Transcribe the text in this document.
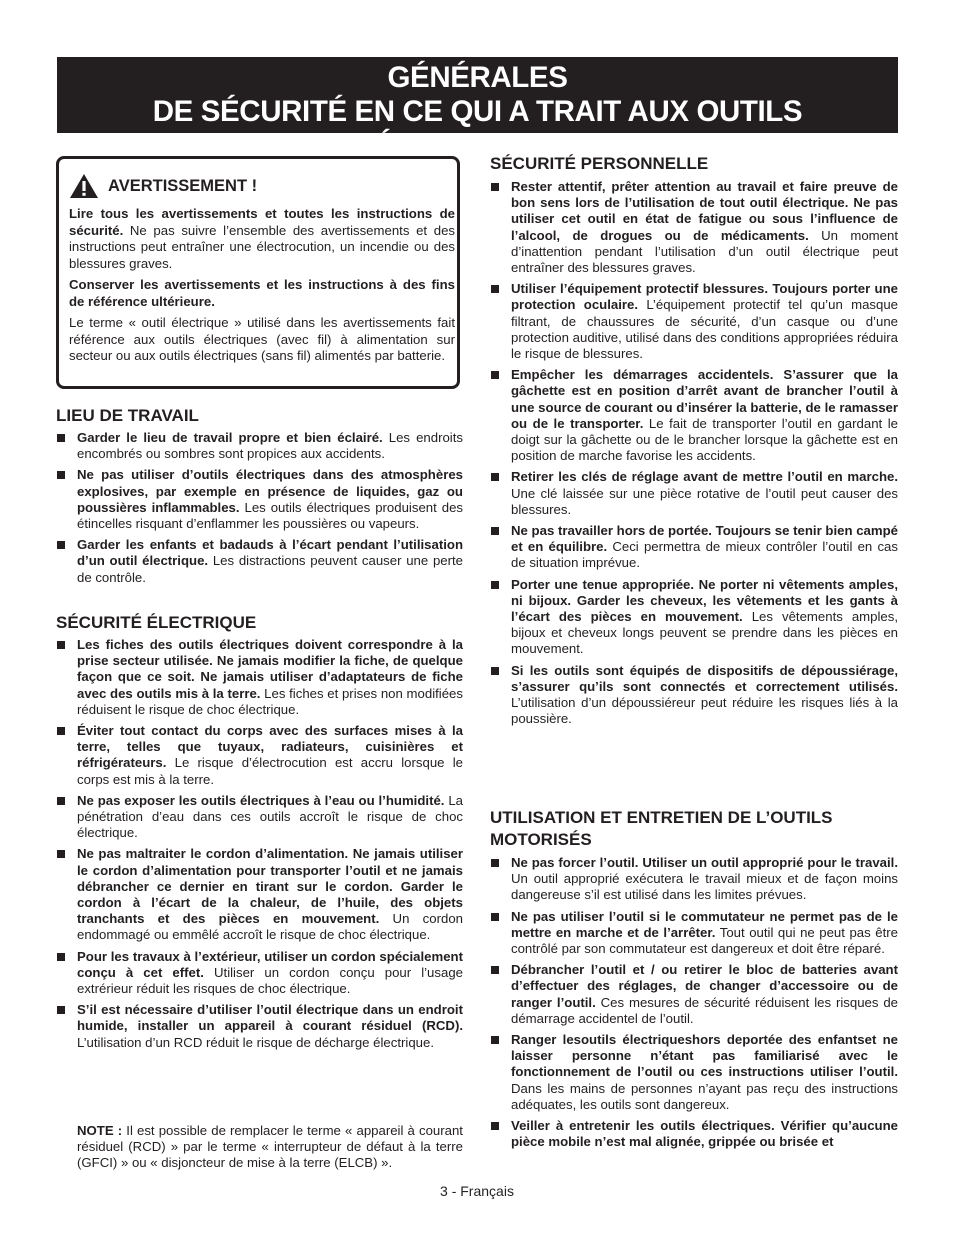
AVERTISSEMENTS GÉNÉRAUX ET INSTRUCTIONS GÉNÉRALES
DE SÉCURITÉ EN CE QUI A TRAIT AUX OUTILS ÉLECTRIQUES
AVERTISSEMENT !

Lire tous les avertissements et toutes les instructions de sécurité. Ne pas suivre l’ensemble des avertissements et des instructions peut entraîner une électrocution, un incendie ou des blessures graves.

Conserver les avertissements et les instructions à des fins de référence ultérieure.

Le terme « outil électrique » utilisé dans les avertissements fait référence aux outils électriques (avec fil) à alimentation sur secteur ou aux outils électriques (sans fil) alimentés par batterie.

LIEU DE TRAVAIL
Garder le lieu de travail propre et bien éclairé. Les endroits encombrés ou sombres sont propices aux accidents.
Ne pas utiliser d’outils électriques dans des atmosphères explosives, par exemple en présence de liquides, gaz ou poussières inflammables. Les outils électriques produisent des étincelles risquant d’enflammer les poussières ou vapeurs.
Garder les enfants et badauds à l’écart pendant l’utilisation d’un outil électrique. Les distractions peuvent causer une perte de contrôle.
SÉCURITÉ ÉLECTRIQUE
Les fiches des outils électriques doivent correspondre à la prise secteur utilisée. Ne jamais modifier la fiche, de quelque façon que ce soit. Ne jamais utiliser d’adaptateurs de fiche avec des outils mis à la terre. Les fiches et prises non modifiées réduisent le risque de choc électrique.
Éviter tout contact du corps avec des surfaces mises à la terre, telles que tuyaux, radiateurs, cuisinières et réfrigérateurs. Le risque d’électrocution est accru lorsque le corps est mis à la terre.
Ne pas exposer les outils électriques à l’eau ou l’humidité. La pénétration d’eau dans ces outils accroît le risque de choc électrique.
Ne pas maltraiter le cordon d’alimentation. Ne jamais utiliser le cordon d’alimentation pour transporter l’outil et ne jamais débrancher ce dernier en tirant sur le cordon. Garder le cordon à l’écart de la chaleur, de l’huile, des objets tranchants et des pièces en mouvement. Un cordon endommagé ou emmêlé accroît le risque de choc électrique.
Pour les travaux à l’extérieur, utiliser un cordon spécialement conçu à cet effet. Utiliser un cordon conçu pour l’usage extrérieur réduit les risques de choc électrique.
S’il est nécessaire d’utiliser l’outil électrique dans un endroit humide, installer un appareil à courant résiduel (RCD). L’utilisation d’un RCD réduit le risque de décharge électrique.
NOTE : Il est possible de remplacer le terme « appareil à courant résiduel (RCD) » par le terme « interrupteur de défaut à la terre (GFCI) » ou « disjoncteur de mise à la terre (ELCB) ».
SÉCURITÉ PERSONNELLE
Rester attentif, prêter attention au travail et faire preuve de bon sens lors de l’utilisation de tout outil électrique. Ne pas utiliser cet outil en état de fatigue ou sous l’influence de l’alcool, de drogues ou de médicaments. Un moment d’inattention pendant l’utilisation d’un outil électrique peut entraîner des blessures graves.
Utiliser l’équipement protectif blessures. Toujours porter une protection oculaire. L’équipement protectif tel qu’un masque filtrant, de chaussures de sécurité, d’un casque ou d’une protection auditive, utilisé dans des conditions appropriées réduira le risque de blessures.
Empêcher les démarrages accidentels. S’assurer que la gâchette est en position d’arrêt avant de brancher l’outil à une source de courant ou d’insérer la batterie, de le ramasser ou de le transporter. Le fait de transporter l’outil en gardant le doigt sur la gâchette ou de le brancher lorsque la gâchette est en position de marche favorise les accidents.
Retirer les clés de réglage avant de mettre l’outil en marche. Une clé laissée sur une pièce rotative de l’outil peut causer des blessures.
Ne pas travailler hors de portée. Toujours se tenir bien campé et en équilibre. Ceci permettra de mieux contrôler l’outil en cas de situation imprévue.
Porter une tenue appropriée. Ne porter ni vêtements amples, ni bijoux. Garder les cheveux, les vêtements et les gants à l’écart des pièces en mouvement. Les vêtements amples, bijoux et cheveux longs peuvent se prendre dans les pièces en mouvement.
Si les outils sont équipés de dispositifs de dépoussiérage, s’assurer qu’ils sont connectés et correctement utilisés. L’utilisation d’un dépoussiéreur peut réduire les risques liés à la poussière.
UTILISATION ET ENTRETIEN DE L’OUTILS MOTORISÉS
Ne pas forcer l’outil. Utiliser un outil approprié pour le travail. Un outil approprié exécutera le travail mieux et de façon moins dangereuse s’il est utilisé dans les limites prévues.
Ne pas utiliser l’outil si le commutateur ne permet pas de le mettre en marche et de l’arrêter. Tout outil qui ne peut pas être contrôlé par son commutateur est dangereux et doit être réparé.
Débrancher l’outil et / ou retirer le bloc de batteries avant d’effectuer des réglages, de changer d’accessoire ou de ranger l’outil. Ces mesures de sécurité réduisent les risques de démarrage accidentel de l’outil.
Ranger lesoutils électriqueshors deportée des enfantset ne laisser personne n’étant pas familiarisé avec le fonctionnement de l’outil ou ces instructions utiliser l’outil. Dans les mains de personnes n’ayant pas reçu des instructions adéquates, les outils sont dangereux.
Veiller à entretenir les outils électriques. Vérifier qu’aucune pièce mobile n’est mal alignée, grippée ou brisée et
3 - Français
